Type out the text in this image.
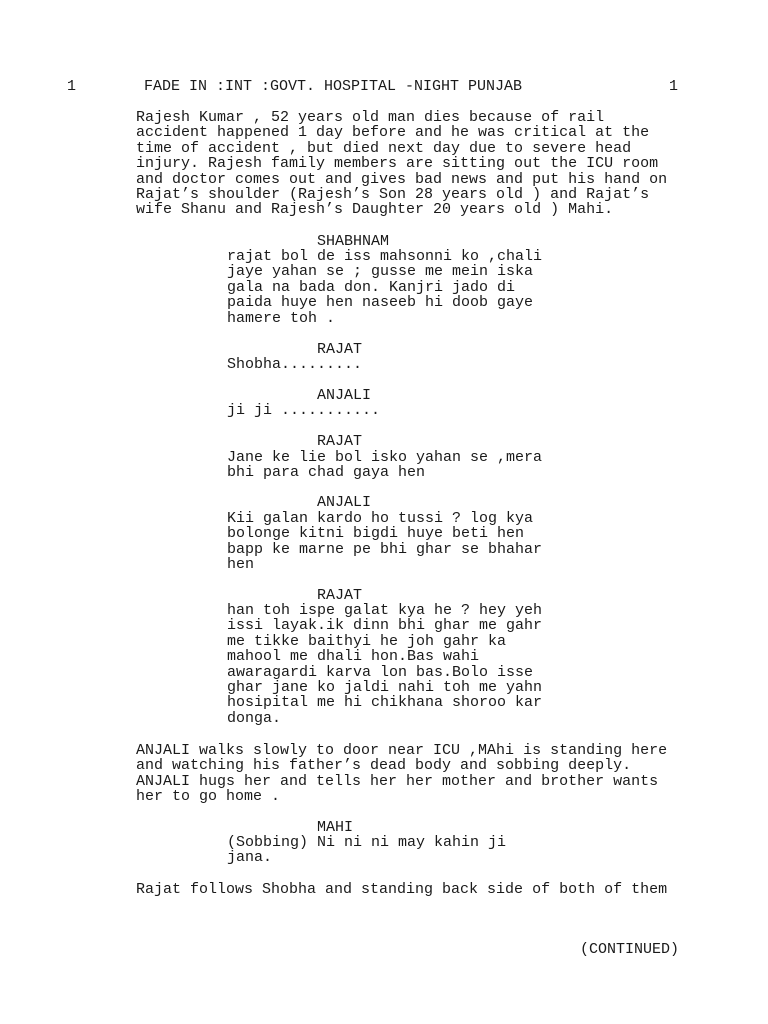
1	FADE IN :INT :GOVT. HOSPITAL -NIGHT PUNJAB	1
Rajesh Kumar , 52 years old man dies because of rail
accident happened 1 day before and he was critical at the
time of accident , but died next day due to severe head
injury. Rajesh family members are sitting out the ICU room
and doctor comes out and gives bad news and put his hand on
Rajat’s shoulder (Rajesh’s Son 28 years old ) and Rajat’s
wife Shanu and Rajesh’s Daughter 20 years old ) Mahi.
SHABHNAM
rajat bol de iss mahsonni ko ,chali
jaye yahan se ; gusse me mein iska
gala na bada don. Kanjri jado di
paida huye hen naseeb hi doob gaye
hamere toh .
RAJAT
Shobha.........
ANJALI
ji ji ...........
RAJAT
Jane ke lie bol isko yahan se ,mera
bhi para chad gaya hen
ANJALI
Kii galan kardo ho tussi ? log kya
bolonge kitni bigdi huye beti hen
bapp ke marne pe bhi ghar se bhahar
hen
RAJAT
han toh ispe galat kya he ? hey yeh
issi layak.ik dinn bhi ghar me gahr
me tikke baithyi he joh gahr ka
mahool me dhali hon.Bas wahi
awaragardi karva lon bas.Bolo isse
ghar jane ko jaldi nahi toh me yahn
hosipital me hi chikhana shoroo kar
donga.
ANJALI walks slowly to door near ICU ,MAhi is standing here
and watching his father’s dead body and sobbing deeply.
ANJALI hugs her and tells her her mother and brother wants
her to go home .
MAHI
(Sobbing) Ni ni ni may kahin ji
jana.
Rajat follows Shobha and standing back side of both of them
(CONTINUED)
